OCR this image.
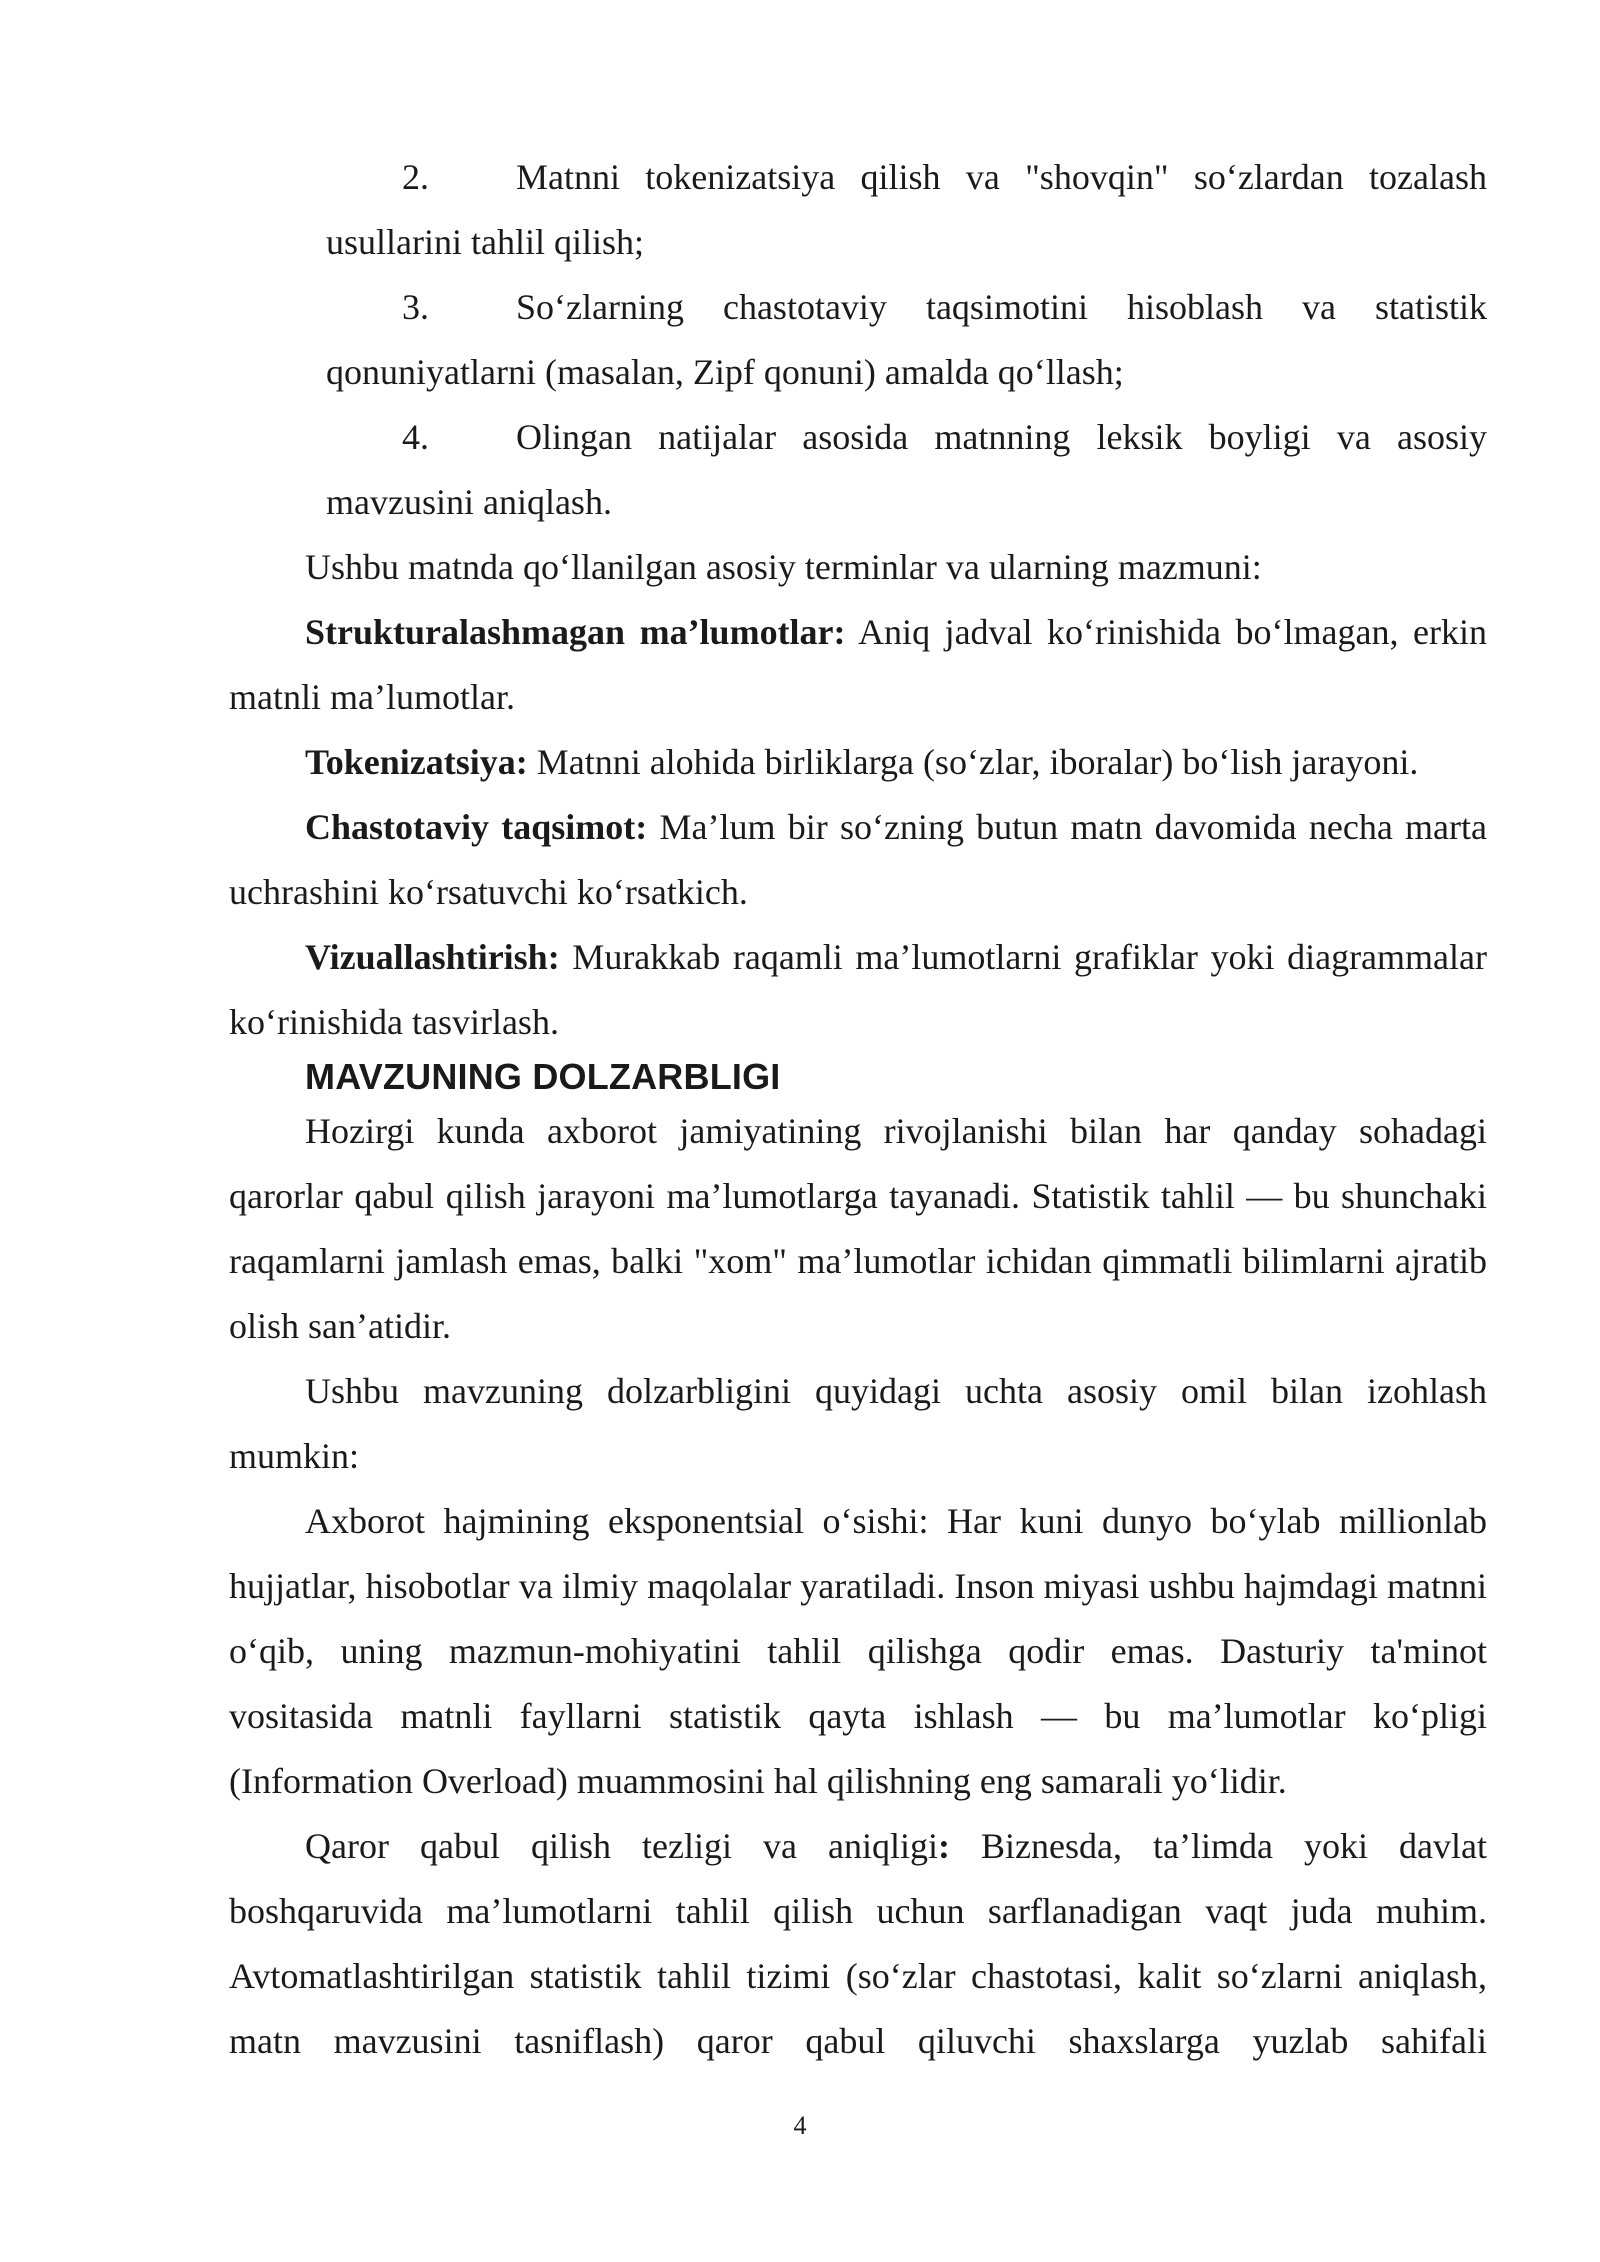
2. Matnni tokenizatsiya qilish va "shovqin" so‘zlardan tozalash usullarini tahlil qilish;

3. So‘zlarning chastotaviy taqsimotini hisoblash va statistik qonuniyatlarni (masalan, Zipf qonuni) amalda qo‘llash;

4. Olingan natijalar asosida matnning leksik boyligi va asosiy mavzusini aniqlash.

Ushbu matnda qo‘llanilgan asosiy terminlar va ularning mazmuni:

Strukturalashmagan ma’lumotlar: Aniq jadval ko‘rinishida bo‘lmagan, erkin matnli ma’lumotlar.

Tokenizatsiya: Matnni alohida birliklarga (so‘zlar, iboralar) bo‘lish jarayoni.

Chastotaviy taqsimot: Ma’lum bir so‘zning butun matn davomida necha marta uchrashini ko‘rsatuvchi ko‘rsatkich.

Vizuallashtirish: Murakkab raqamli ma’lumotlarni grafiklar yoki diagrammalar ko‘rinishida tasvirlash.

MAVZUNING DOLZARBLIGI

Hozirgi kunda axborot jamiyatining rivojlanishi bilan har qanday sohadagi qarorlar qabul qilish jarayoni ma’lumotlarga tayanadi. Statistik tahlil — bu shunchaki raqamlarni jamlash emas, balki "xom" ma’lumotlar ichidan qimmatli bilimlarni ajratib olish san’atidir.

Ushbu mavzuning dolzarbligini quyidagi uchta asosiy omil bilan izohlash mumkin:

Axborot hajmining eksponentsial o‘sishi: Har kuni dunyo bo‘ylab millionlab hujjatlar, hisobotlar va ilmiy maqolalar yaratiladi. Inson miyasi ushbu hajmdagi matnni o‘qib, uning mazmun-mohiyatini tahlil qilishga qodir emas. Dasturiy ta'minot vositasida matnli fayllarni statistik qayta ishlash — bu ma’lumotlar ko‘pligi (Information Overload) muammosini hal qilishning eng samarali yo‘lidir.

Qaror qabul qilish tezligi va aniqligi: Biznesda, ta’limda yoki davlat boshqaruvida ma’lumotlarni tahlil qilish uchun sarflanadigan vaqt juda muhim. Avtomatlashtirilgan statistik tahlil tizimi (so‘zlar chastotasi, kalit so‘zlarni aniqlash, matn mavzusini tasniflash) qaror qabul qiluvchi shaxslarga yuzlab sahifali

4
